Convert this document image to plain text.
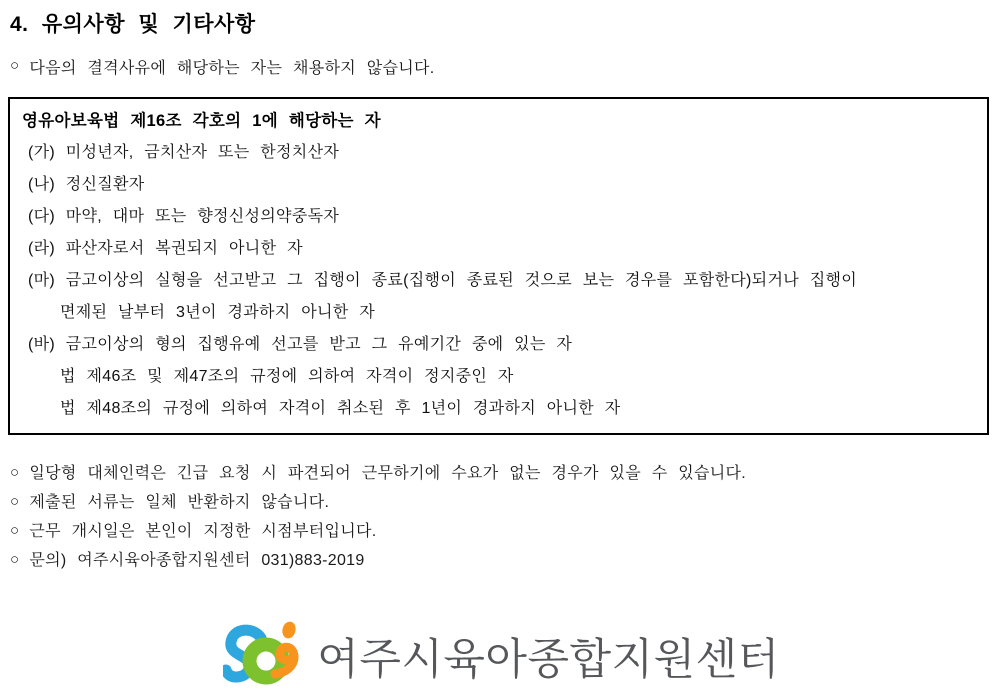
4. 유의사항 및 기타사항
○ 다음의 결격사유에 해당하는 자는 채용하지 않습니다.
영유아보육법 제16조 각호의 1에 해당하는 자
(가) 미성년자, 금치산자 또는 한정치산자
(나) 정신질환자
(다) 마약, 대마 또는 향정신성의약중독자
(라) 파산자로서 복권되지 아니한 자
(마) 금고이상의 실형을 선고받고 그 집행이 종료(집행이 종료된 것으로 보는 경우를 포함한다)되거나 집행이
면제된 날부터 3년이 경과하지 아니한 자
(바) 금고이상의 형의 집행유예 선고를 받고 그 유예기간 중에 있는 자
법 제46조 및 제47조의 규정에 의하여 자격이 정지중인 자
법 제48조의 규정에 의하여 자격이 취소된 후 1년이 경과하지 아니한 자
○ 일당형 대체인력은 긴급 요청 시 파견되어 근무하기에 수요가 없는 경우가 있을 수 있습니다.
○ 제출된 서류는 일체 반환하지 않습니다.
○ 근무 개시일은 본인이 지정한 시점부터입니다.
○ 문의) 여주시육아종합지원센터 031)883-2019
여주시육아종합지원센터
